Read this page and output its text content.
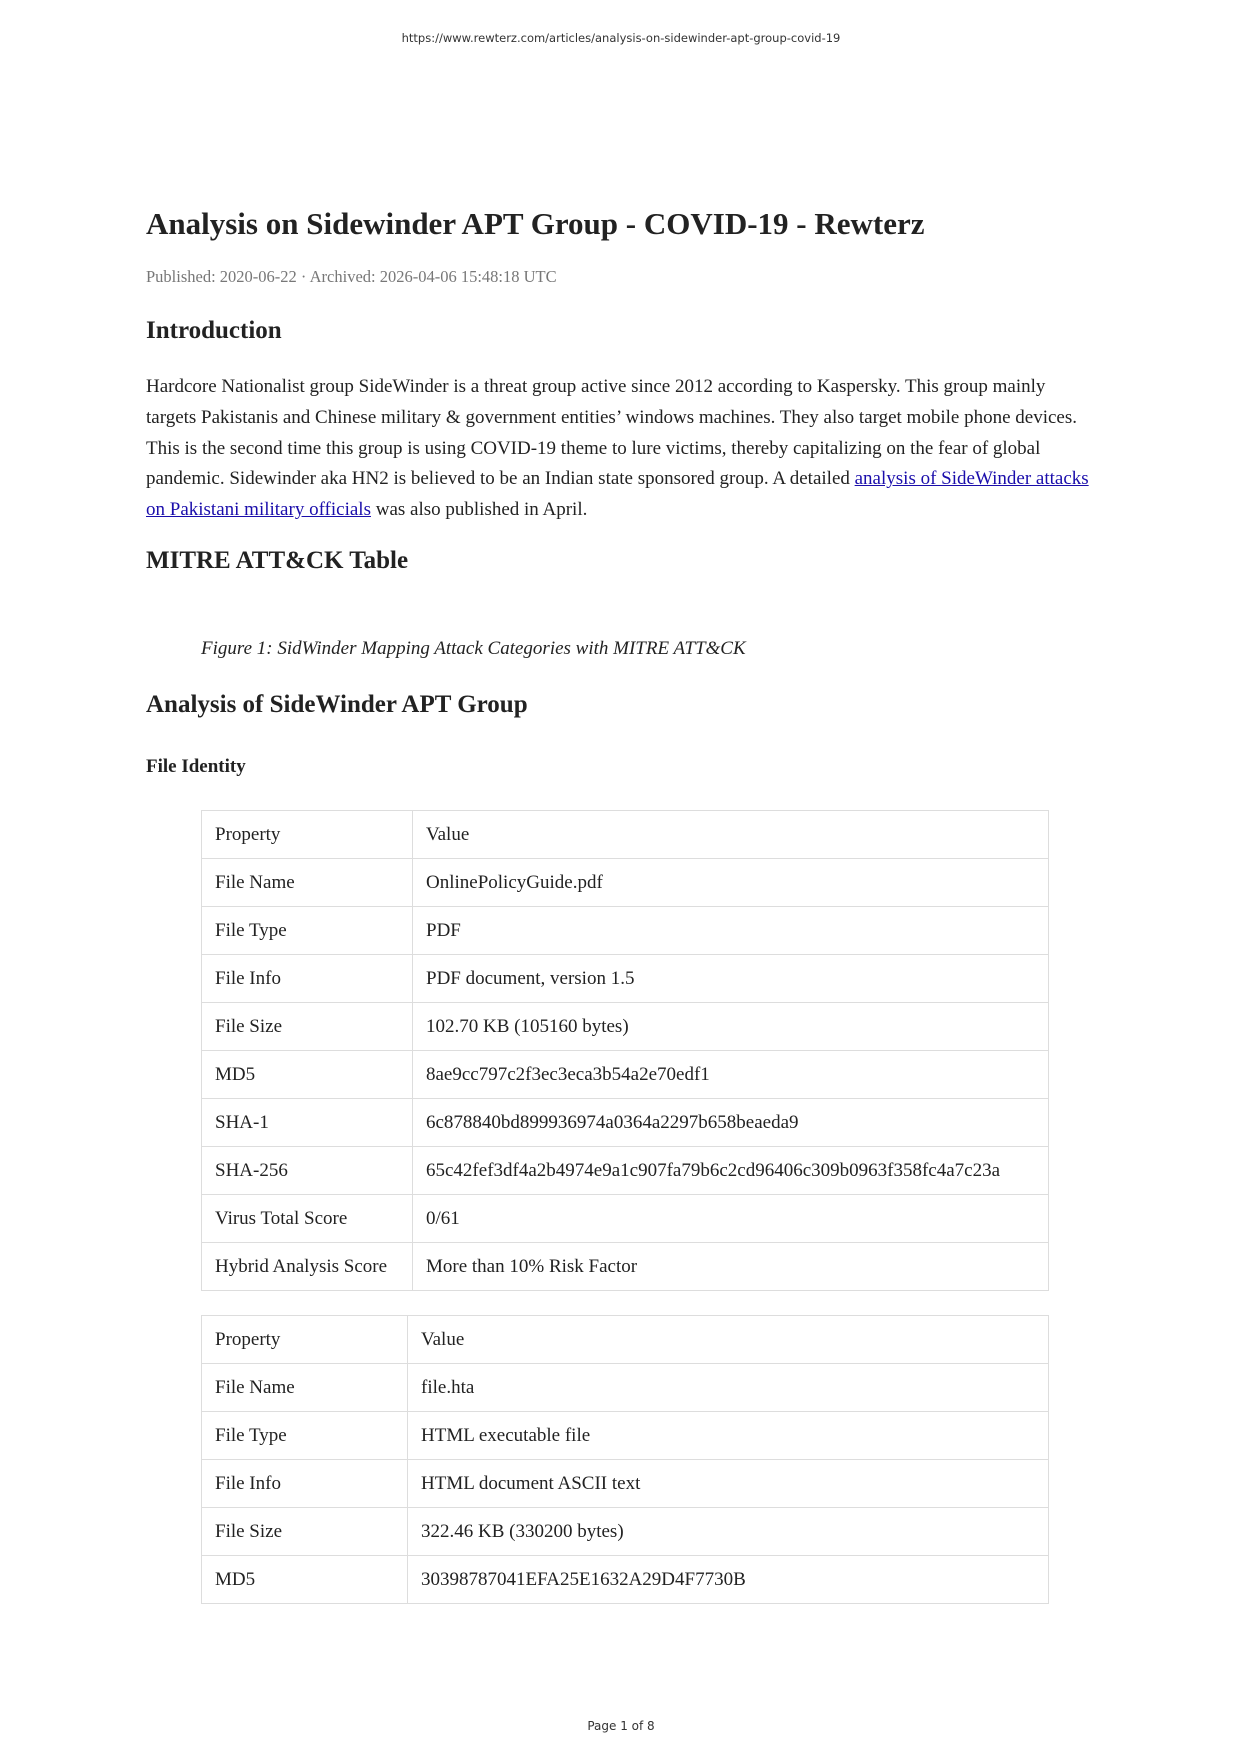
https://www.rewterz.com/articles/analysis-on-sidewinder-apt-group-covid-19
Analysis on Sidewinder APT Group - COVID-19 - Rewterz
Published: 2020-06-22 · Archived: 2026-04-06 15:48:18 UTC
Introduction

Hardcore Nationalist group SideWinder is a threat group active since 2012 according to Kaspersky. This group mainly targets Pakistanis and Chinese military & government entities’ windows machines. They also target mobile phone devices. This is the second time this group is using COVID-19 theme to lure victims, thereby capitalizing on the fear of global pandemic. Sidewinder aka HN2 is believed to be an Indian state sponsored group. A detailed analysis of SideWinder attacks on Pakistani military officials was also published in April.

MITRE ATT&CK Table
Figure 1: SidWinder Mapping Attack Categories with MITRE ATT&CK
Analysis of SideWinder APT Group
File Identity
Property	Value
File Name	OnlinePolicyGuide.pdf
File Type	PDF
File Info	PDF document, version 1.5
File Size	102.70 KB (105160 bytes)
MD5	8ae9cc797c2f3ec3eca3b54a2e70edf1
SHA-1	6c878840bd899936974a0364a2297b658beaeda9
SHA-256	65c42fef3df4a2b4974e9a1c907fa79b6c2cd96406c309b0963f358fc4a7c23a
Virus Total Score	0/61
Hybrid Analysis Score	More than 10% Risk Factor
Property	Value
File Name	file.hta
File Type	HTML executable file
File Info	HTML document ASCII text
File Size	322.46 KB (330200 bytes)
MD5	30398787041EFA25E1632A29D4F7730B
Page 1 of 8
